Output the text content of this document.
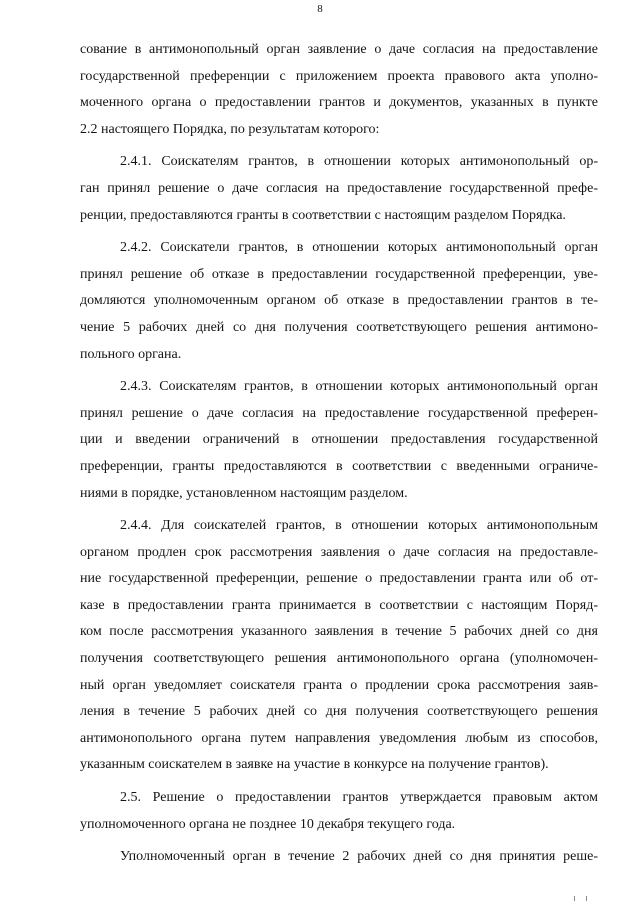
8
сование в антимонопольный орган заявление о даче согласия на предоставление
государственной преференции с приложением проекта правового акта уполно-
моченного органа о предоставлении грантов и документов, указанных в пункте
2.2 настоящего Порядка, по результатам которого:
2.4.1. Соискателям грантов, в отношении которых антимонопольный ор-
ган принял решение о даче согласия на предоставление государственной префе-
ренции, предоставляются гранты в соответствии с настоящим разделом Порядка.
2.4.2. Соискатели грантов, в отношении которых антимонопольный орган
принял решение об отказе в предоставлении государственной преференции, уве-
домляются уполномоченным органом об отказе в предоставлении грантов в те-
чение 5 рабочих дней со дня получения соответствующего решения антимоно-
польного органа.
2.4.3. Соискателям грантов, в отношении которых антимонопольный орган
принял решение о даче согласия на предоставление государственной преферен-
ции и введении ограничений в отношении предоставления государственной
преференции, гранты предоставляются в соответствии с введенными ограниче-
ниями в порядке, установленном настоящим разделом.
2.4.4. Для соискателей грантов, в отношении которых антимонопольным
органом продлен срок рассмотрения заявления о даче согласия на предоставле-
ние государственной преференции, решение о предоставлении гранта или об от-
казе в предоставлении гранта принимается в соответствии с настоящим Поряд-
ком после рассмотрения указанного заявления в течение 5 рабочих дней со дня
получения соответствующего решения антимонопольного органа (уполномочен-
ный орган уведомляет соискателя гранта о продлении срока рассмотрения заяв-
ления в течение 5 рабочих дней со дня получения соответствующего решения
антимонопольного органа путем направления уведомления любым из способов,
указанным соискателем в заявке на участие в конкурсе на получение грантов).
2.5. Решение о предоставлении грантов утверждается правовым актом
уполномоченного органа не позднее 10 декабря текущего года.
Уполномоченный орган в течение 2 рабочих дней со дня принятия реше-
